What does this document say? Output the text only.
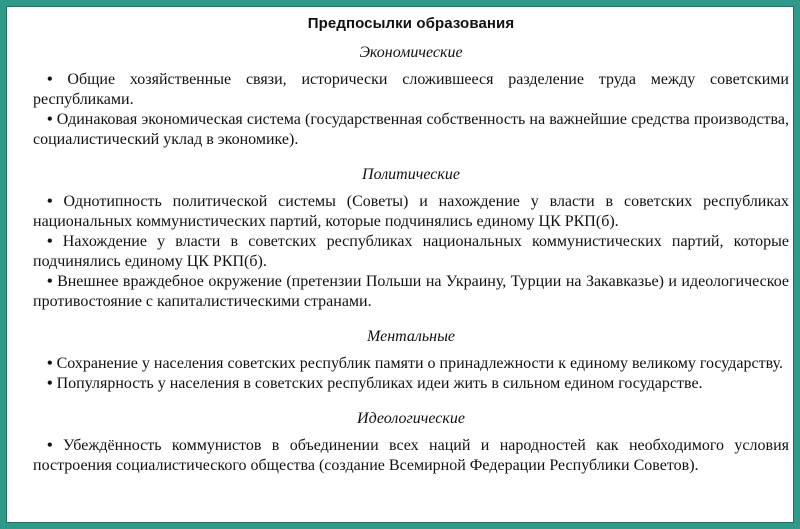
Предпосылки образования
Экономические

• Общие хозяйственные связи, исторически сложившееся разделение труда между советскими республиками.

• Одинаковая экономическая система (государственная собственность на важнейшие средства производства, социалистический уклад в экономике).

Политические

• Однотипность политической системы (Советы) и нахождение у власти в советских республиках национальных коммунистических партий, которые подчинялись единому ЦК РКП(б).

• Нахождение у власти в советских республиках национальных коммунистических партий, которые подчинялись единому ЦК РКП(б).

• Внешнее враждебное окружение (претензии Польши на Украину, Турции на Закавказье) и идеологическое противостояние с капиталистическими странами.

Ментальные

• Сохранение у населения советских республик памяти о принадлежности к единому великому государству.

• Популярность у населения в советских республиках идеи жить в сильном едином государстве.

Идеологические

• Убеждённость коммунистов в объединении всех наций и народностей как необходимого условия построения социалистического общества (создание Всемирной Федерации Республики Советов).
